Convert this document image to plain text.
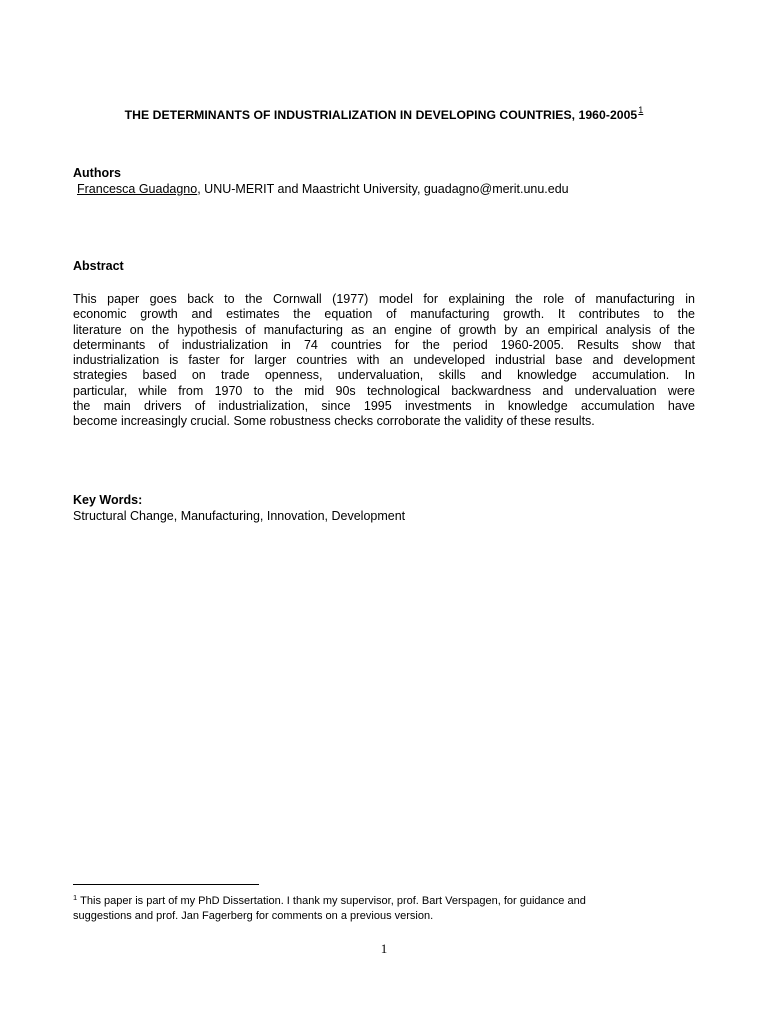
THE DETERMINANTS OF INDUSTRIALIZATION IN DEVELOPING COUNTRIES, 1960-2005$^1$
Authors
Francesca Guadagno, UNU-MERIT and Maastricht University, guadagno@merit.unu.edu
Abstract
This paper goes back to the Cornwall (1977) model for explaining the role of manufacturing in
economic growth and estimates the equation of manufacturing growth. It contributes to the
literature on the hypothesis of manufacturing as an engine of growth by an empirical analysis of the
determinants of industrialization in 74 countries for the period 1960-2005. Results show that
industrialization is faster for larger countries with an undeveloped industrial base and development
strategies based on trade openness, undervaluation, skills and knowledge accumulation. In
particular, while from 1970 to the mid 90s technological backwardness and undervaluation were
the main drivers of industrialization, since 1995 investments in knowledge accumulation have
become increasingly crucial. Some robustness checks corroborate the validity of these results.
Key Words:
Structural Change, Manufacturing, Innovation, Development
$^1$ This paper is part of my PhD Dissertation. I thank my supervisor, prof. Bart Verspagen, for guidance and
suggestions and prof. Jan Fagerberg for comments on a previous version.
1
